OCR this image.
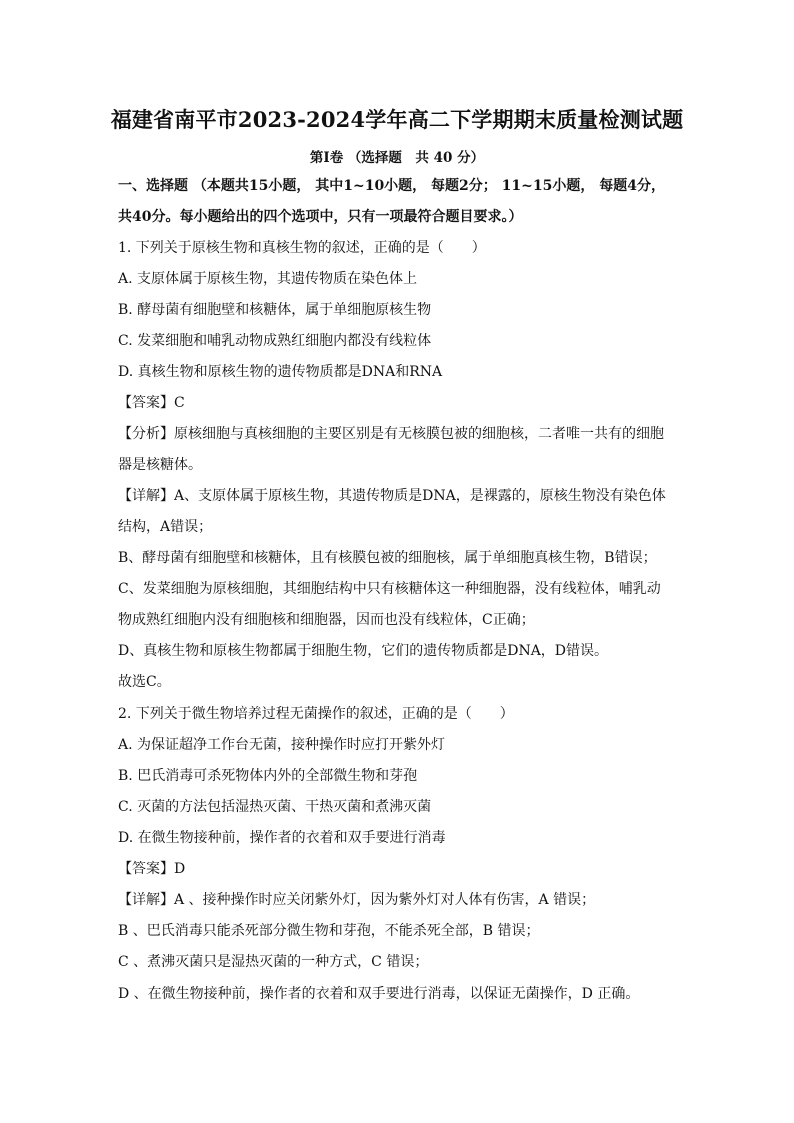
福建省南平市2023-2024学年高二下学期期末质量检测试题
第Ⅰ卷 （选择题　共 40 分）
一、选择题 （本题共15小题， 其中1~10小题， 每题2分； 11~15小题， 每题4分，
共40分。每小题给出的四个选项中，只有一项最符合题目要求。）
1. 下列关于原核生物和真核生物的叙述，正确的是（　　）
A. 支原体属于原核生物，其遗传物质在染色体上
B. 酵母菌有细胞壁和核糖体，属于单细胞原核生物
C. 发菜细胞和哺乳动物成熟红细胞内都没有线粒体
D. 真核生物和原核生物的遗传物质都是DNA和RNA
【答案】C
【分析】原核细胞与真核细胞的主要区别是有无核膜包被的细胞核，二者唯一共有的细胞
器是核糖体。
【详解】A、支原体属于原核生物，其遗传物质是DNA，是裸露的，原核生物没有染色体
结构，A错误；
B、酵母菌有细胞壁和核糖体，且有核膜包被的细胞核，属于单细胞真核生物，B错误；
C、发菜细胞为原核细胞，其细胞结构中只有核糖体这一种细胞器，没有线粒体，哺乳动
物成熟红细胞内没有细胞核和细胞器，因而也没有线粒体，C正确；
D、真核生物和原核生物都属于细胞生物，它们的遗传物质都是DNA，D错误。
故选C。
2. 下列关于微生物培养过程无菌操作的叙述，正确的是（　　）
A. 为保证超净工作台无菌，接种操作时应打开紫外灯
B. 巴氏消毒可杀死物体内外的全部微生物和芽孢
C. 灭菌的方法包括湿热灭菌、干热灭菌和煮沸灭菌
D. 在微生物接种前，操作者的衣着和双手要进行消毒
【答案】D
【详解】A 、接种操作时应关闭紫外灯，因为紫外灯对人体有伤害，A 错误；
B 、巴氏消毒只能杀死部分微生物和芽孢，不能杀死全部，B 错误；
C 、煮沸灭菌只是湿热灭菌的一种方式，C 错误；
D 、在微生物接种前，操作者的衣着和双手要进行消毒，以保证无菌操作，D 正确。
